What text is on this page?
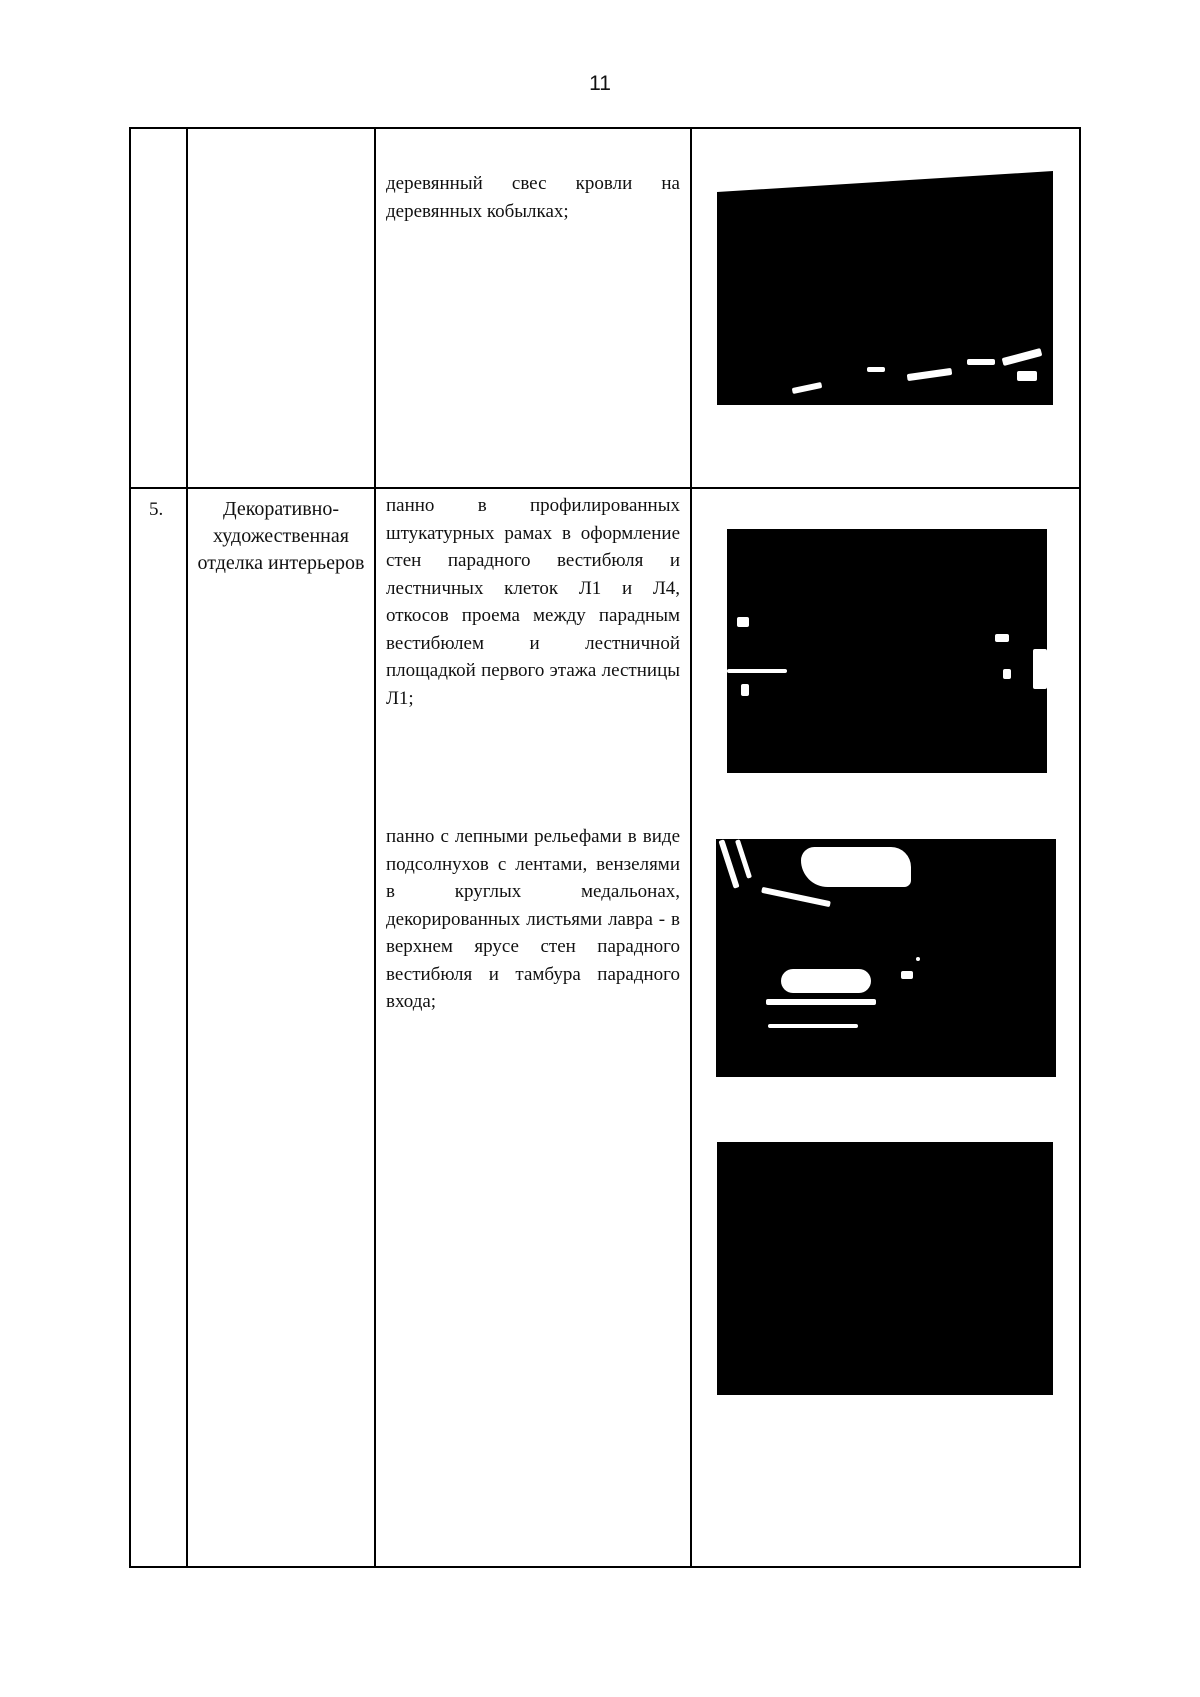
11

		деревянный свес кровли на деревянных кобылках;	

5.	Декоративно-художественная отделка интерьеров	панно в профилированных штукатурных рамах в оформление стен парадного вестибюля и лестничных клеток Л1 и Л4, откосов проема между парадным вестибюлем и лестничной площадкой первого этажа лестницы Л1;

панно с лепными рельефами в виде подсолнухов с лентами, вензелями в круглых медальонах, декорированных листьями лавра - в верхнем ярусе стен парадного вестибюля и тамбура парадного входа;	
